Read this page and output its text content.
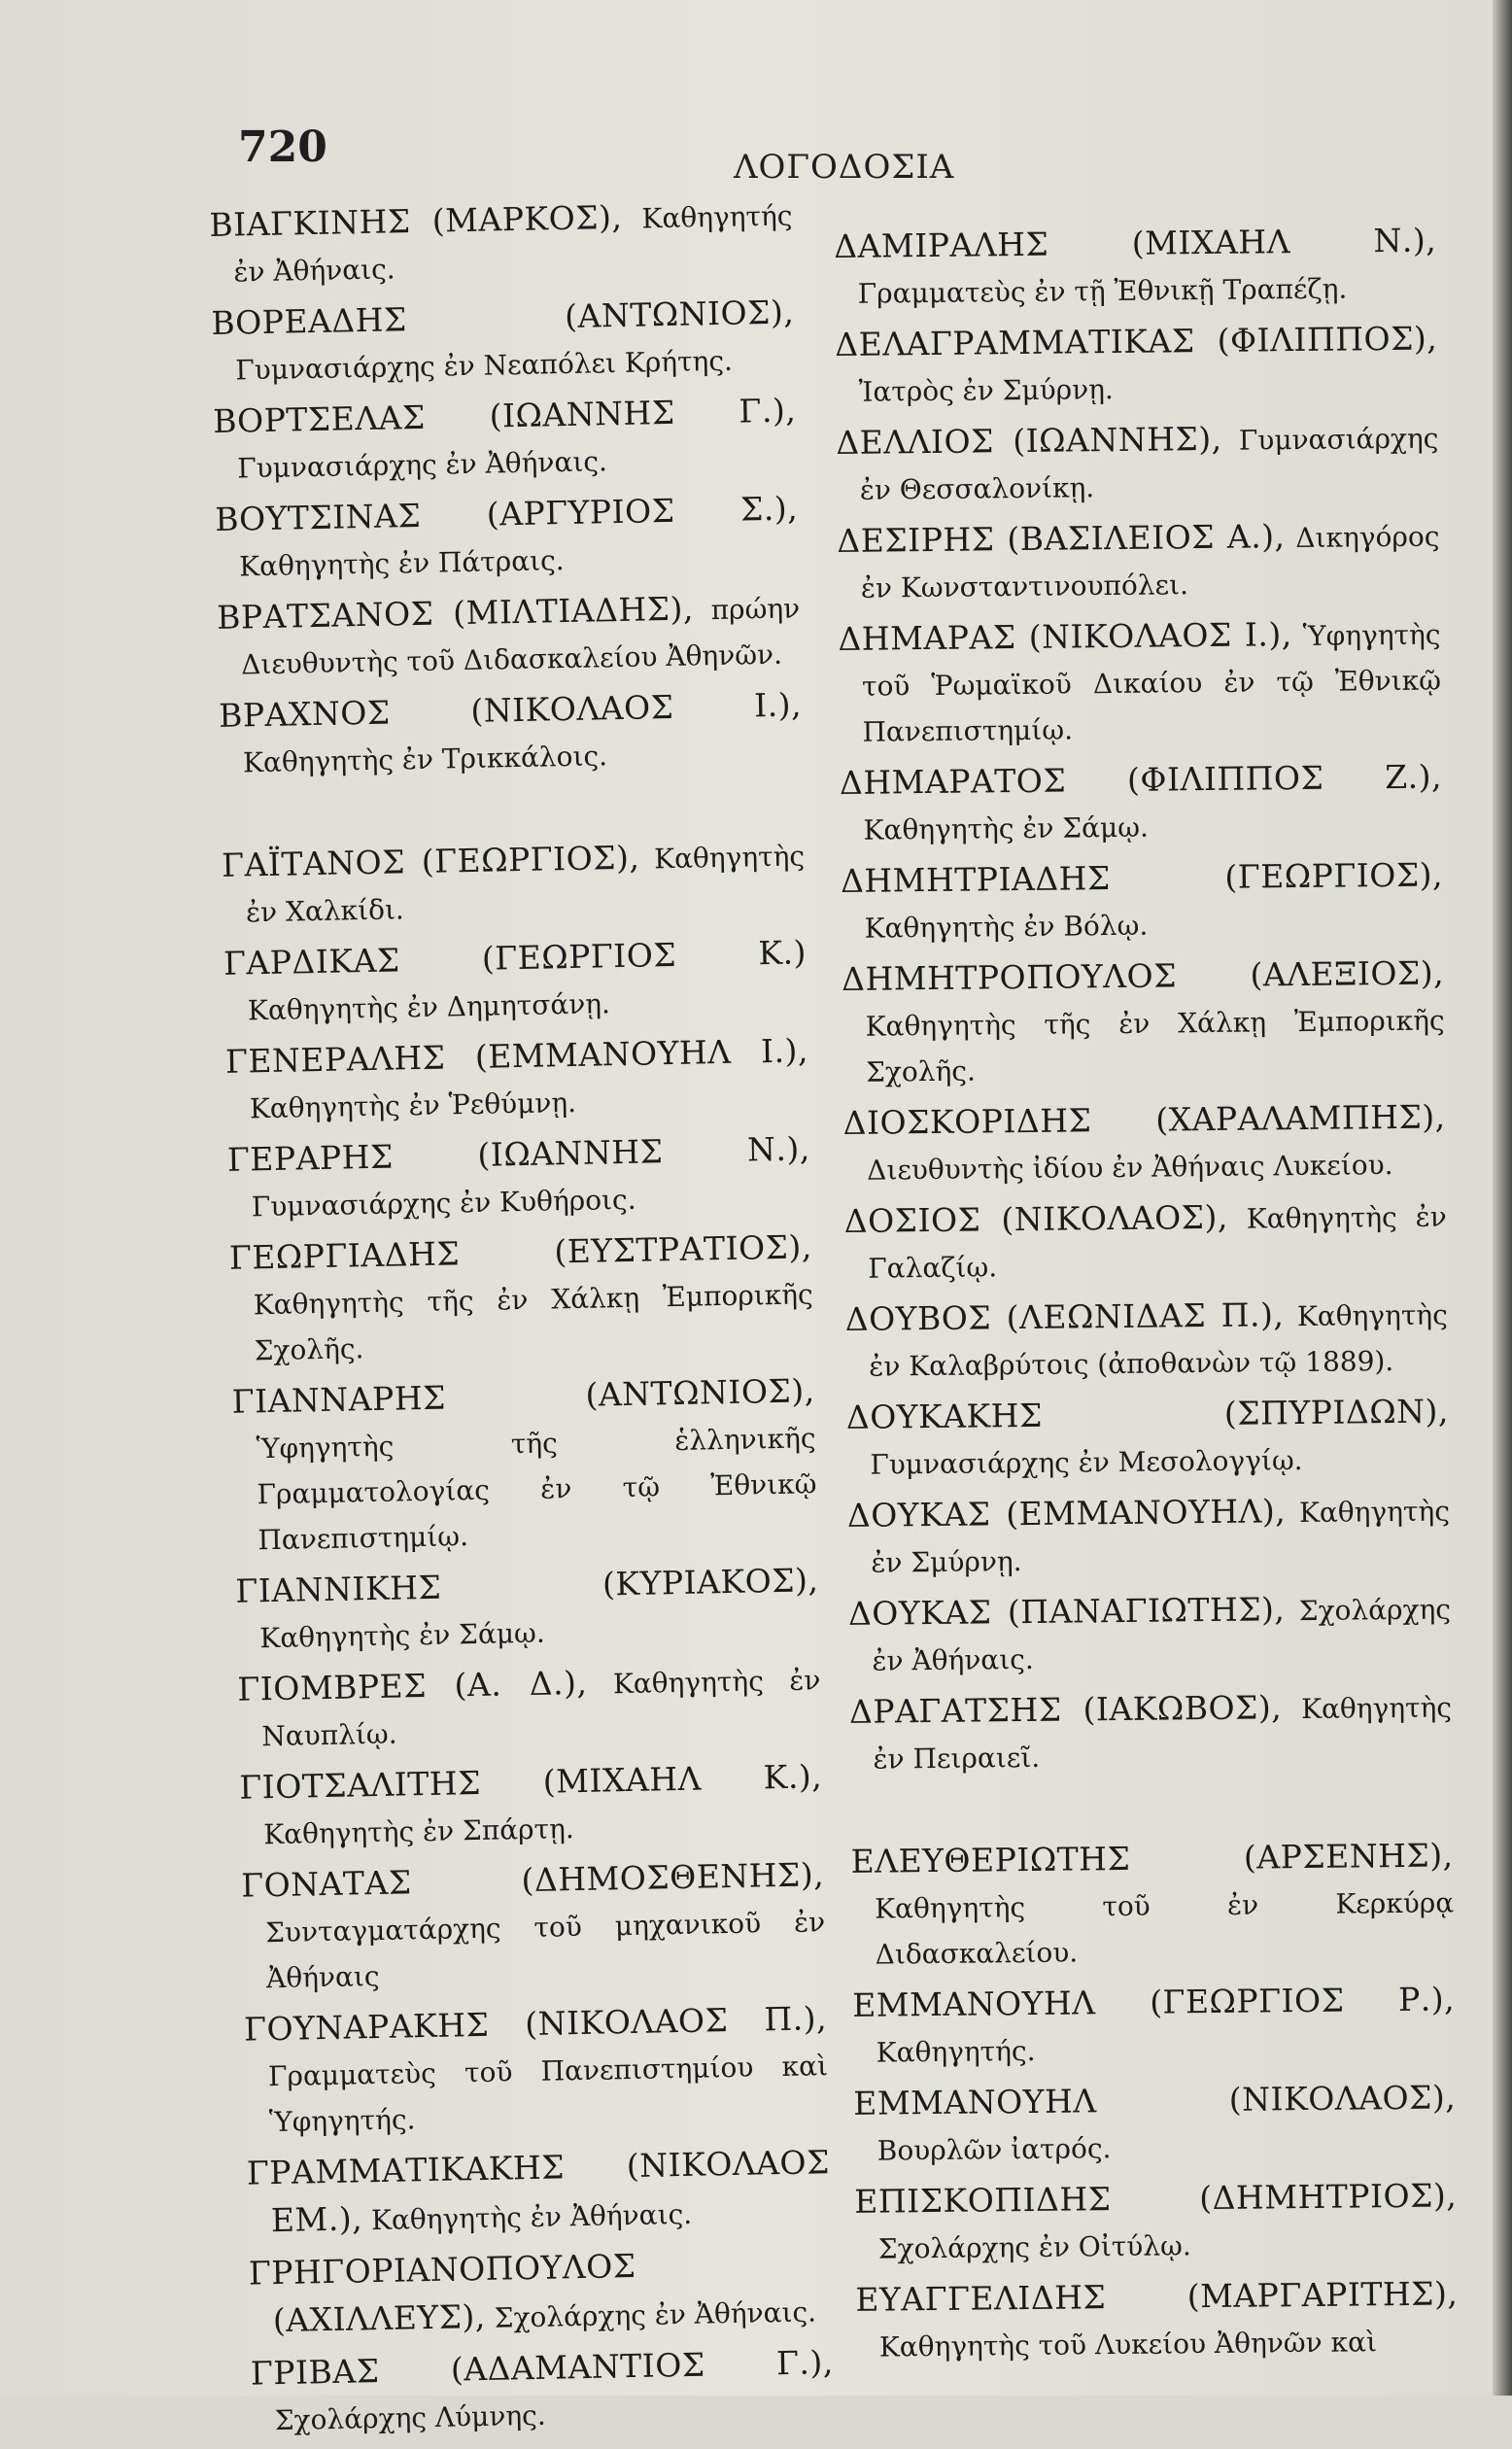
720	ΛΟΓΟΔΟΣΙΑ

ΒΙΑΓΚΙΝΗΣ (ΜΑΡΚΟΣ), Καθηγητής ἐν Ἀθήναις.

ΒΟΡΕΑΔΗΣ (ΑΝΤΩΝΙΟΣ), Γυμνασιάρχης ἐν Νεαπόλει Κρήτης.

ΒΟΡΤΣΕΛΑΣ (ΙΩΑΝΝΗΣ Γ.), Γυμνασιάρχης ἐν Ἀθήναις.

ΒΟΥΤΣΙΝΑΣ (ΑΡΓΥΡΙΟΣ Σ.), Καθηγητὴς ἐν Πάτραις.

ΒΡΑΤΣΑΝΟΣ (ΜΙΛΤΙΑΔΗΣ), πρώην Διευθυντὴς τοῦ Διδασκαλείου Ἀθηνῶν.

ΒΡΑΧΝΟΣ (ΝΙΚΟΛΑΟΣ Ι.), Καθηγητὴς ἐν Τρικκάλοις.

ΓΑΪΤΑΝΟΣ (ΓΕΩΡΓΙΟΣ), Καθηγητὴς ἐν Χαλκίδι.

ΓΑΡΔΙΚΑΣ (ΓΕΩΡΓΙΟΣ Κ.) Καθηγητὴς ἐν Δημητσάνῃ.

ΓΕΝΕΡΑΛΗΣ (ΕΜΜΑΝΟΥΗΛ Ι.), Καθηγητὴς ἐν Ῥεθύμνῃ.

ΓΕΡΑΡΗΣ (ΙΩΑΝΝΗΣ Ν.), Γυμνασιάρχης ἐν Κυθήροις.

ΓΕΩΡΓΙΑΔΗΣ (ΕΥΣΤΡΑΤΙΟΣ), Καθηγητὴς τῆς ἐν Χάλκῃ Ἐμπορικῆς Σχολῆς.

ΓΙΑΝΝΑΡΗΣ (ΑΝΤΩΝΙΟΣ), Ὑφηγητὴς τῆς ἑλληνικῆς Γραμματολογίας ἐν τῷ Ἐθνικῷ Πανεπιστημίῳ.

ΓΙΑΝΝΙΚΗΣ (ΚΥΡΙΑΚΟΣ), Καθηγητὴς ἐν Σάμῳ.

ΓΙΟΜΒΡΕΣ (Α. Δ.), Καθηγητὴς ἐν Ναυπλίῳ.

ΓΙΟΤΣΑΛΙΤΗΣ (ΜΙΧΑΗΛ Κ.), Καθηγητὴς ἐν Σπάρτῃ.

ΓΟΝΑΤΑΣ (ΔΗΜΟΣΘΕΝΗΣ), Συνταγματάρχης τοῦ μηχανικοῦ ἐν Ἀθήναις

ΓΟΥΝΑΡΑΚΗΣ (ΝΙΚΟΛΑΟΣ Π.), Γραμματεὺς τοῦ Πανεπιστημίου καὶ Ὑφηγητής.

ΓΡΑΜΜΑΤΙΚΑΚΗΣ (ΝΙΚΟΛΑΟΣ ΕΜ.), Καθηγητὴς ἐν Ἀθήναις.

ΓΡΗΓΟΡΙΑΝΟΠΟΥΛΟΣ (ΑΧΙΛΛΕΥΣ), Σχολάρχης ἐν Ἀθήναις.

ΓΡΙΒΑΣ (ΑΔΑΜΑΝΤΙΟΣ Γ.), Σχολάρχης Λύμνης.

ΔΑΜΙΡΑΛΗΣ (ΜΙΧΑΗΛ Ν.), Γραμματεὺς ἐν τῇ Ἐθνικῇ Τραπέζῃ.

ΔΕΛΑΓΡΑΜΜΑΤΙΚΑΣ (ΦΙΛΙΠΠΟΣ), Ἰατρὸς ἐν Σμύρνῃ.

ΔΕΛΛΙΟΣ (ΙΩΑΝΝΗΣ), Γυμνασιάρχης ἐν Θεσσαλονίκῃ.

ΔΕΣΙΡΗΣ (ΒΑΣΙΛΕΙΟΣ Α.), Δικηγόρος ἐν Κωνσταντινουπόλει.

ΔΗΜΑΡΑΣ (ΝΙΚΟΛΑΟΣ Ι.), Ὑφηγητὴς τοῦ Ῥωμαϊκοῦ Δικαίου ἐν τῷ Ἐθνικῷ Πανεπιστημίῳ.

ΔΗΜΑΡΑΤΟΣ (ΦΙΛΙΠΠΟΣ Ζ.), Καθηγητὴς ἐν Σάμῳ.

ΔΗΜΗΤΡΙΑΔΗΣ (ΓΕΩΡΓΙΟΣ), Καθηγητὴς ἐν Βόλῳ.

ΔΗΜΗΤΡΟΠΟΥΛΟΣ (ΑΛΕΞΙΟΣ), Καθηγητὴς τῆς ἐν Χάλκῃ Ἐμπορικῆς Σχολῆς.

ΔΙΟΣΚΟΡΙΔΗΣ (ΧΑΡΑΛΑΜΠΗΣ), Διευθυντὴς ἰδίου ἐν Ἀθήναις Λυκείου.

ΔΟΣΙΟΣ (ΝΙΚΟΛΑΟΣ), Καθηγητὴς ἐν Γαλαζίῳ.

ΔΟΥΒΟΣ (ΛΕΩΝΙΔΑΣ Π.), Καθηγητὴς ἐν Καλαβρύτοις (ἀποθανὼν τῷ 1889).

ΔΟΥΚΑΚΗΣ (ΣΠΥΡΙΔΩΝ), Γυμνασιάρχης ἐν Μεσολογγίῳ.

ΔΟΥΚΑΣ (ΕΜΜΑΝΟΥΗΛ), Καθηγητὴς ἐν Σμύρνῃ.

ΔΟΥΚΑΣ (ΠΑΝΑΓΙΩΤΗΣ), Σχολάρχης ἐν Ἀθήναις.

ΔΡΑΓΑΤΣΗΣ (ΙΑΚΩΒΟΣ), Καθηγητὴς ἐν Πειραιεῖ.

ΕΛΕΥΘΕΡΙΩΤΗΣ (ΑΡΣΕΝΗΣ), Καθηγητὴς τοῦ ἐν Κερκύρᾳ Διδασκαλείου.

ΕΜΜΑΝΟΥΗΛ (ΓΕΩΡΓΙΟΣ Ρ.), Καθηγητής.

ΕΜΜΑΝΟΥΗΛ (ΝΙΚΟΛΑΟΣ), Βουρλῶν ἰατρός.

ΕΠΙΣΚΟΠΙΔΗΣ (ΔΗΜΗΤΡΙΟΣ), Σχολάρχης ἐν Οἰτύλῳ.

ΕΥΑΓΓΕΛΙΔΗΣ (ΜΑΡΓΑΡΙΤΗΣ), Καθηγητὴς τοῦ Λυκείου Ἀθηνῶν καὶ
